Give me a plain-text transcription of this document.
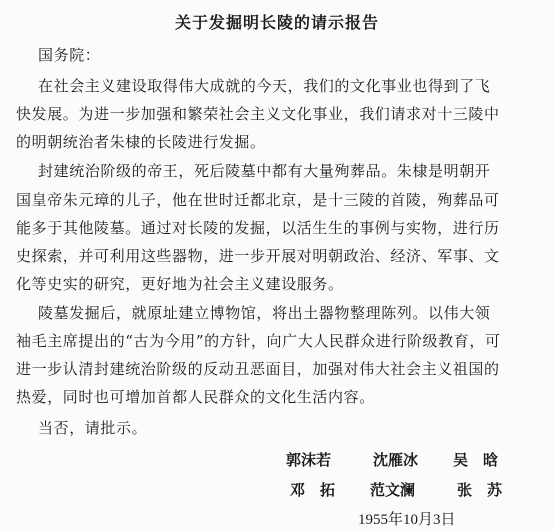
关于发掘明长陵的请示报告
国务院：
在社会主义建设取得伟大成就的今天，我们的文化事业也得到了飞
快发展。为进一步加强和繁荣社会主义文化事业，我们请求对十三陵中
的明朝统治者朱棣的长陵进行发掘。
封建统治阶级的帝王，死后陵墓中都有大量殉葬品。朱棣是明朝开
国皇帝朱元璋的儿子，他在世时迁都北京，是十三陵的首陵，殉葬品可
能多于其他陵墓。通过对长陵的发掘，以活生生的事例与实物，进行历
史探索，并可利用这些器物，进一步开展对明朝政治、经济、军事、文
化等史实的研究，更好地为社会主义建设服务。
陵墓发掘后，就原址建立博物馆，将出土器物整理陈列。以伟大领
袖毛主席提出的“古为今用”的方针，向广大人民群众进行阶级教育，可
进一步认清封建统治阶级的反动丑恶面目，加强对伟大社会主义祖国的
热爱，同时也可增加首都人民群众的文化生活内容。
当否，请批示。
郭沫若	沈雁冰	吴　晗
邓　拓	范文澜	张　苏
1955年10月3日
